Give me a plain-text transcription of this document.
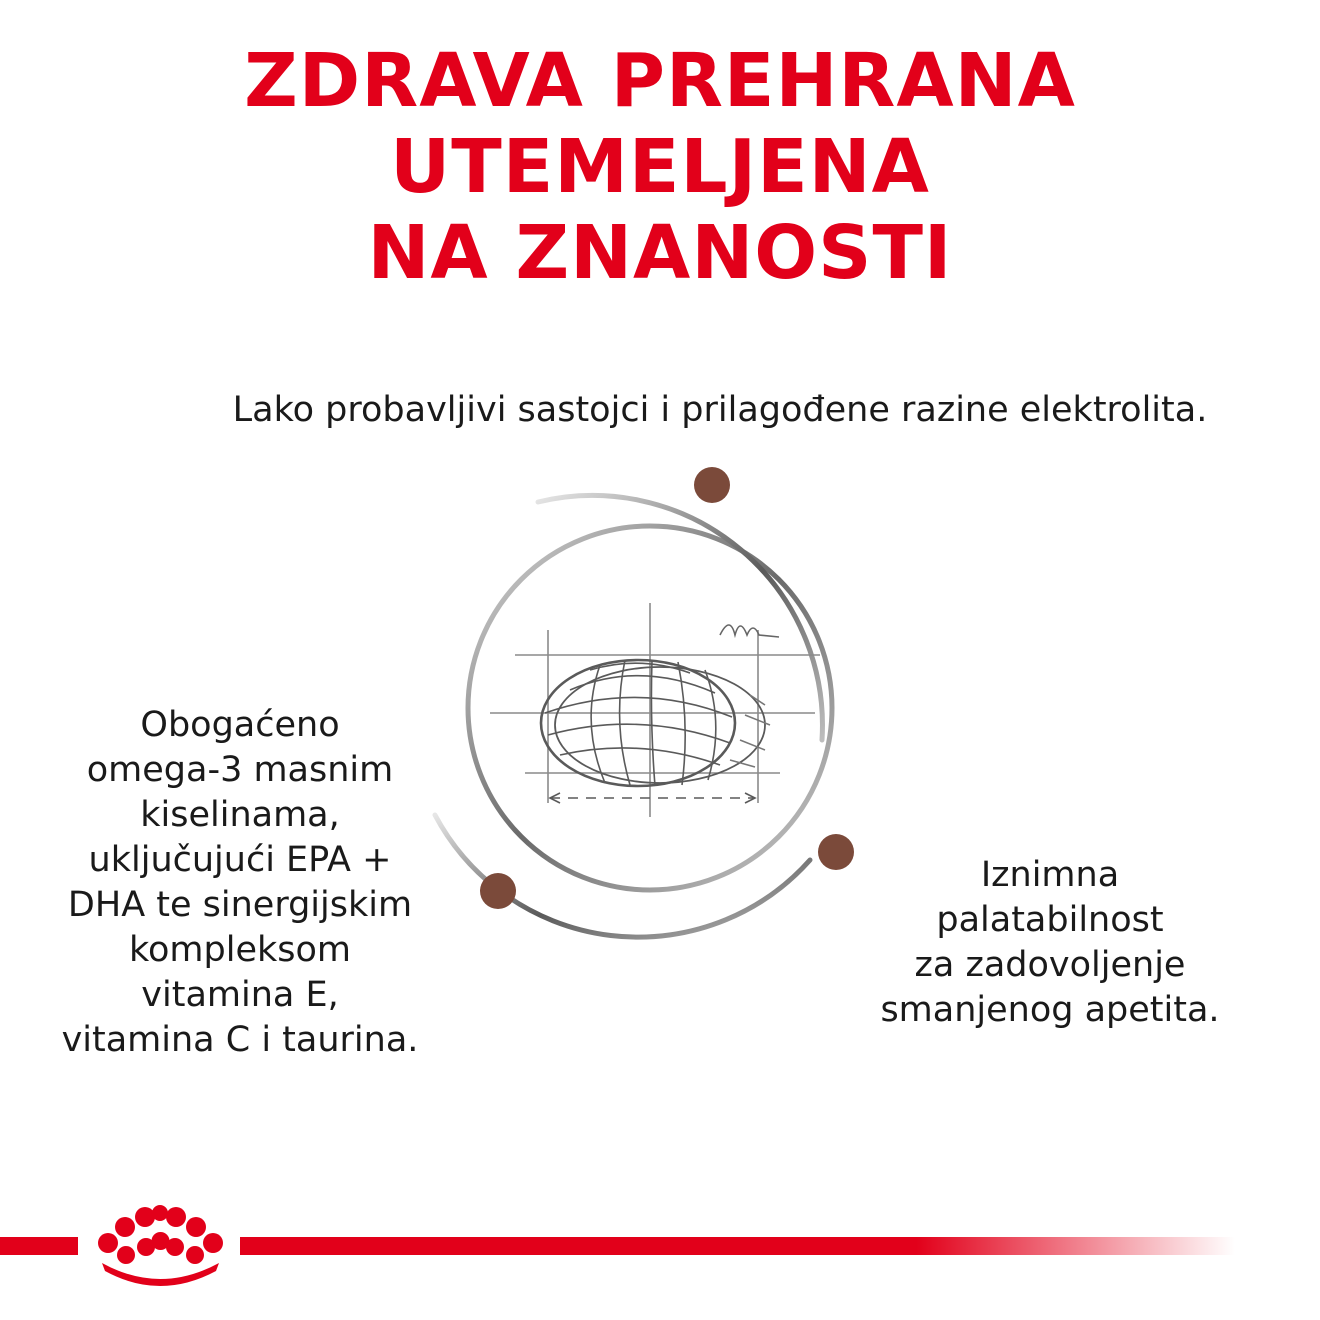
ZDRAVA PREHRANA UTEMELJENA
NA ZNANOSTI

Lako probavljivi sastojci i prilagođene razine elektrolita.

Obogaćeno
omega-3 masnim
kiselinama,
uključujući EPA +
DHA te sinergijskim
kompleksom
vitamina E,
vitamina C i taurina.
Iznimna
palatabilnost
za zadovoljenje
smanjenog apetita.
